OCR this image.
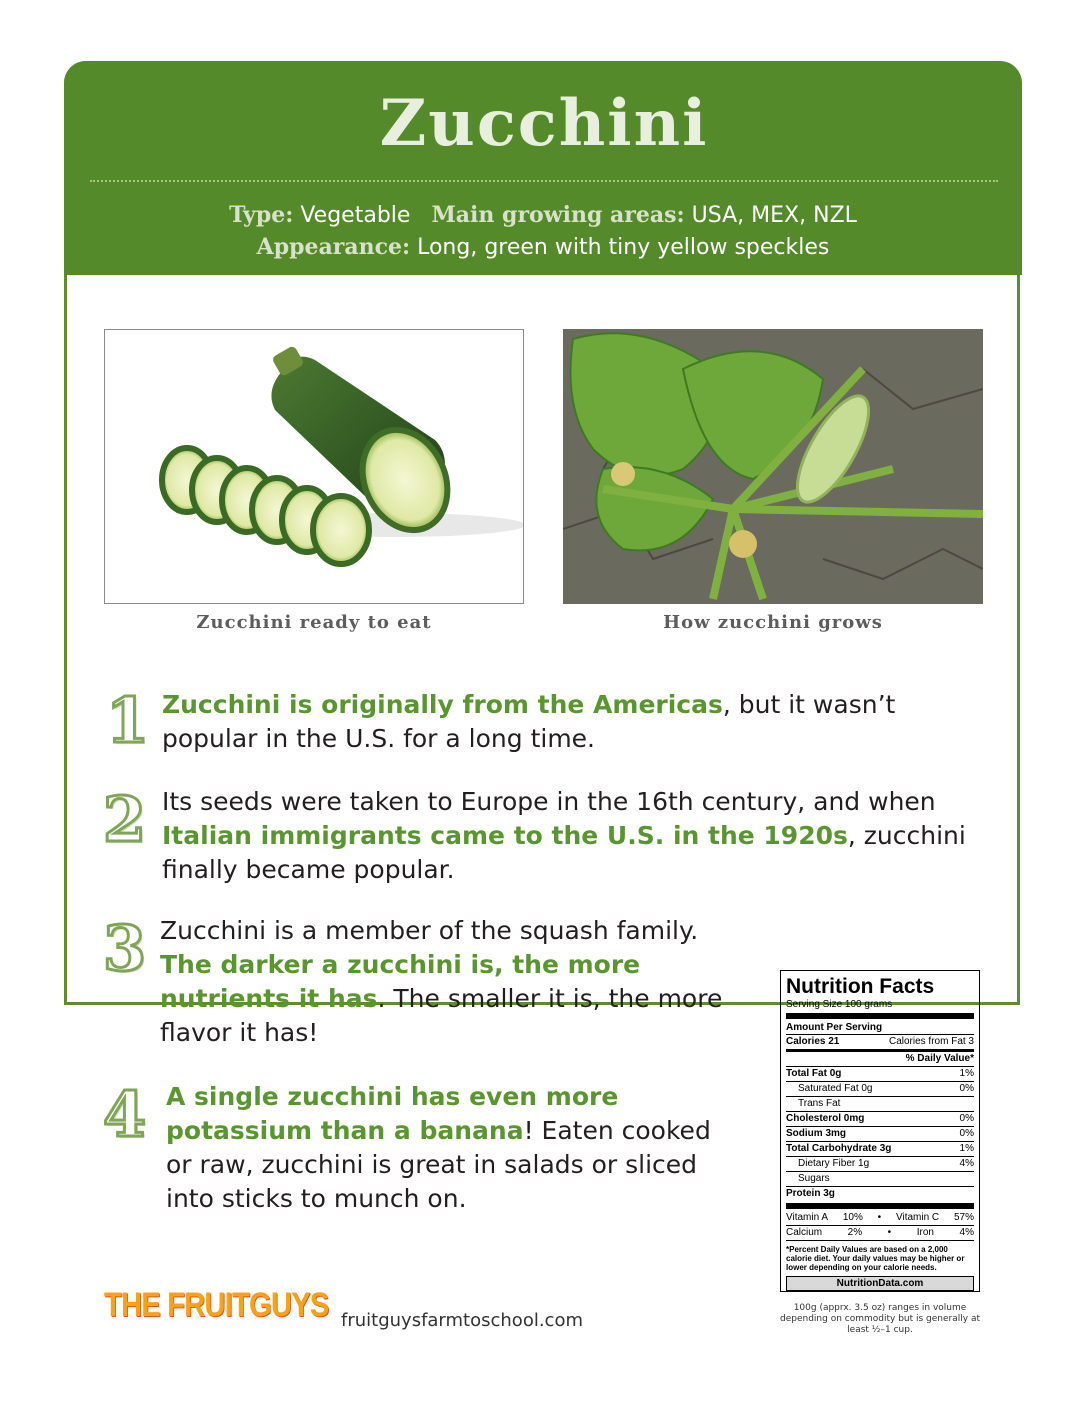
Zucchini
Type: Vegetable Main growing areas: USA, MEX, NZL
Appearance: Long, green with tiny yellow speckles
Zucchini ready to eat	How zucchini grows
1 Zucchini is originally from the Americas, but it wasn’t popular in the U.S. for a long time.
2 Its seeds were taken to Europe in the 16th century, and when Italian immigrants came to the U.S. in the 1920s, zucchini finally became popular.
3 Zucchini is a member of the squash family. The darker a zucchini is, the more nutrients it has. The smaller it is, the more flavor it has!
4 A single zucchini has even more potassium than a banana! Eaten cooked or raw, zucchini is great in salads or sliced into sticks to munch on.
Nutrition Facts
Serving Size 100 grams
Amount Per Serving
Calories 21	Calories from Fat 3
% Daily Value*
Total Fat 0g	1%
Saturated Fat 0g	0%
Trans Fat
Cholesterol 0mg	0%
Sodium 3mg	0%
Total Carbohydrate 3g	1%
Dietary Fiber 1g	4%
Sugars
Protein 3g
Vitamin A 10% • Vitamin C 57%
Calcium	2%	•	Iron	4%
*Percent Daily Values are based on a 2,000 calorie diet. Your daily values may be higher or lower depending on your calorie needs.
NutritionData.com
100g (apprx. 3.5 oz) ranges in volume depending on commodity but is generally at least ½–1 cup.
THE FRUITGUYS fruitguysfarmtoschool.com
